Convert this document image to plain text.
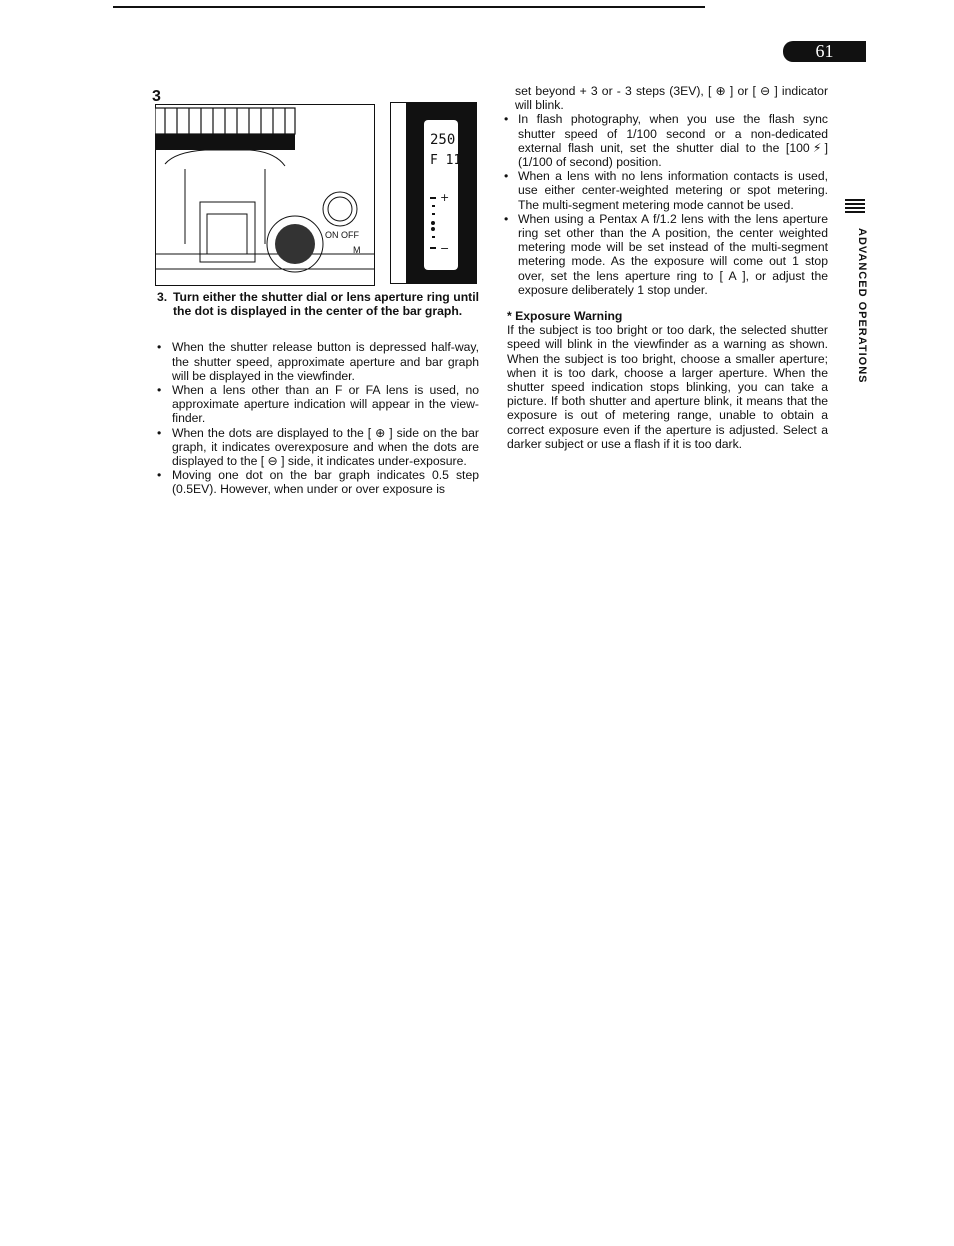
61
3
ON OFF
M
250
F 11
+
−
3. Turn either the shutter dial or lens aperture ring until the dot is displayed in the center of the bar graph.
• When the shutter release button is depressed half-way, the shutter speed, approximate aperture and bar graph will be displayed in the viewfinder.
• When a lens other than an F or FA lens is used, no approximate aperture indication will appear in the view-finder.
• When the dots are displayed to the [ ⊕ ] side on the bar graph, it indicates overexposure and when the dots are displayed to the [ ⊖ ] side, it indicates under-exposure.
• Moving one dot on the bar graph indicates 0.5 step (0.5EV). However, when under or over exposure is

set beyond + 3 or - 3 steps (3EV), [ ⊕ ] or [ ⊖ ] indicator will blink.

• In flash photography, when you use the flash sync shutter speed of 1/100 second or a non-dedicated external flash unit, set the shutter dial to the [100⚡] (1/100 of second) position.
• When a lens with no lens information contacts is used, use either center-weighted metering or spot metering. The multi-segment metering mode cannot be used.
• When using a Pentax A f/1.2 lens with the lens aperture ring set other than the A position, the center weighted metering mode will be set instead of the multi-segment metering mode. As the exposure will come out 1 stop over, set the lens aperture ring to [ A ], or adjust the exposure deliberately 1 stop under.

* Exposure Warning

If the subject is too bright or too dark, the selected shutter speed will blink in the viewfinder as a warning as shown. When the subject is too bright, choose a smaller aperture; when it is too dark, choose a larger aperture. When the shutter speed indication stops blinking, you can take a picture. If both shutter and aperture blink, it means that the exposure is out of metering range, unable to obtain a correct exposure even if the aperture is adjusted. Select a darker subject or use a flash if it is too dark.

ADVANCED OPERATIONS
